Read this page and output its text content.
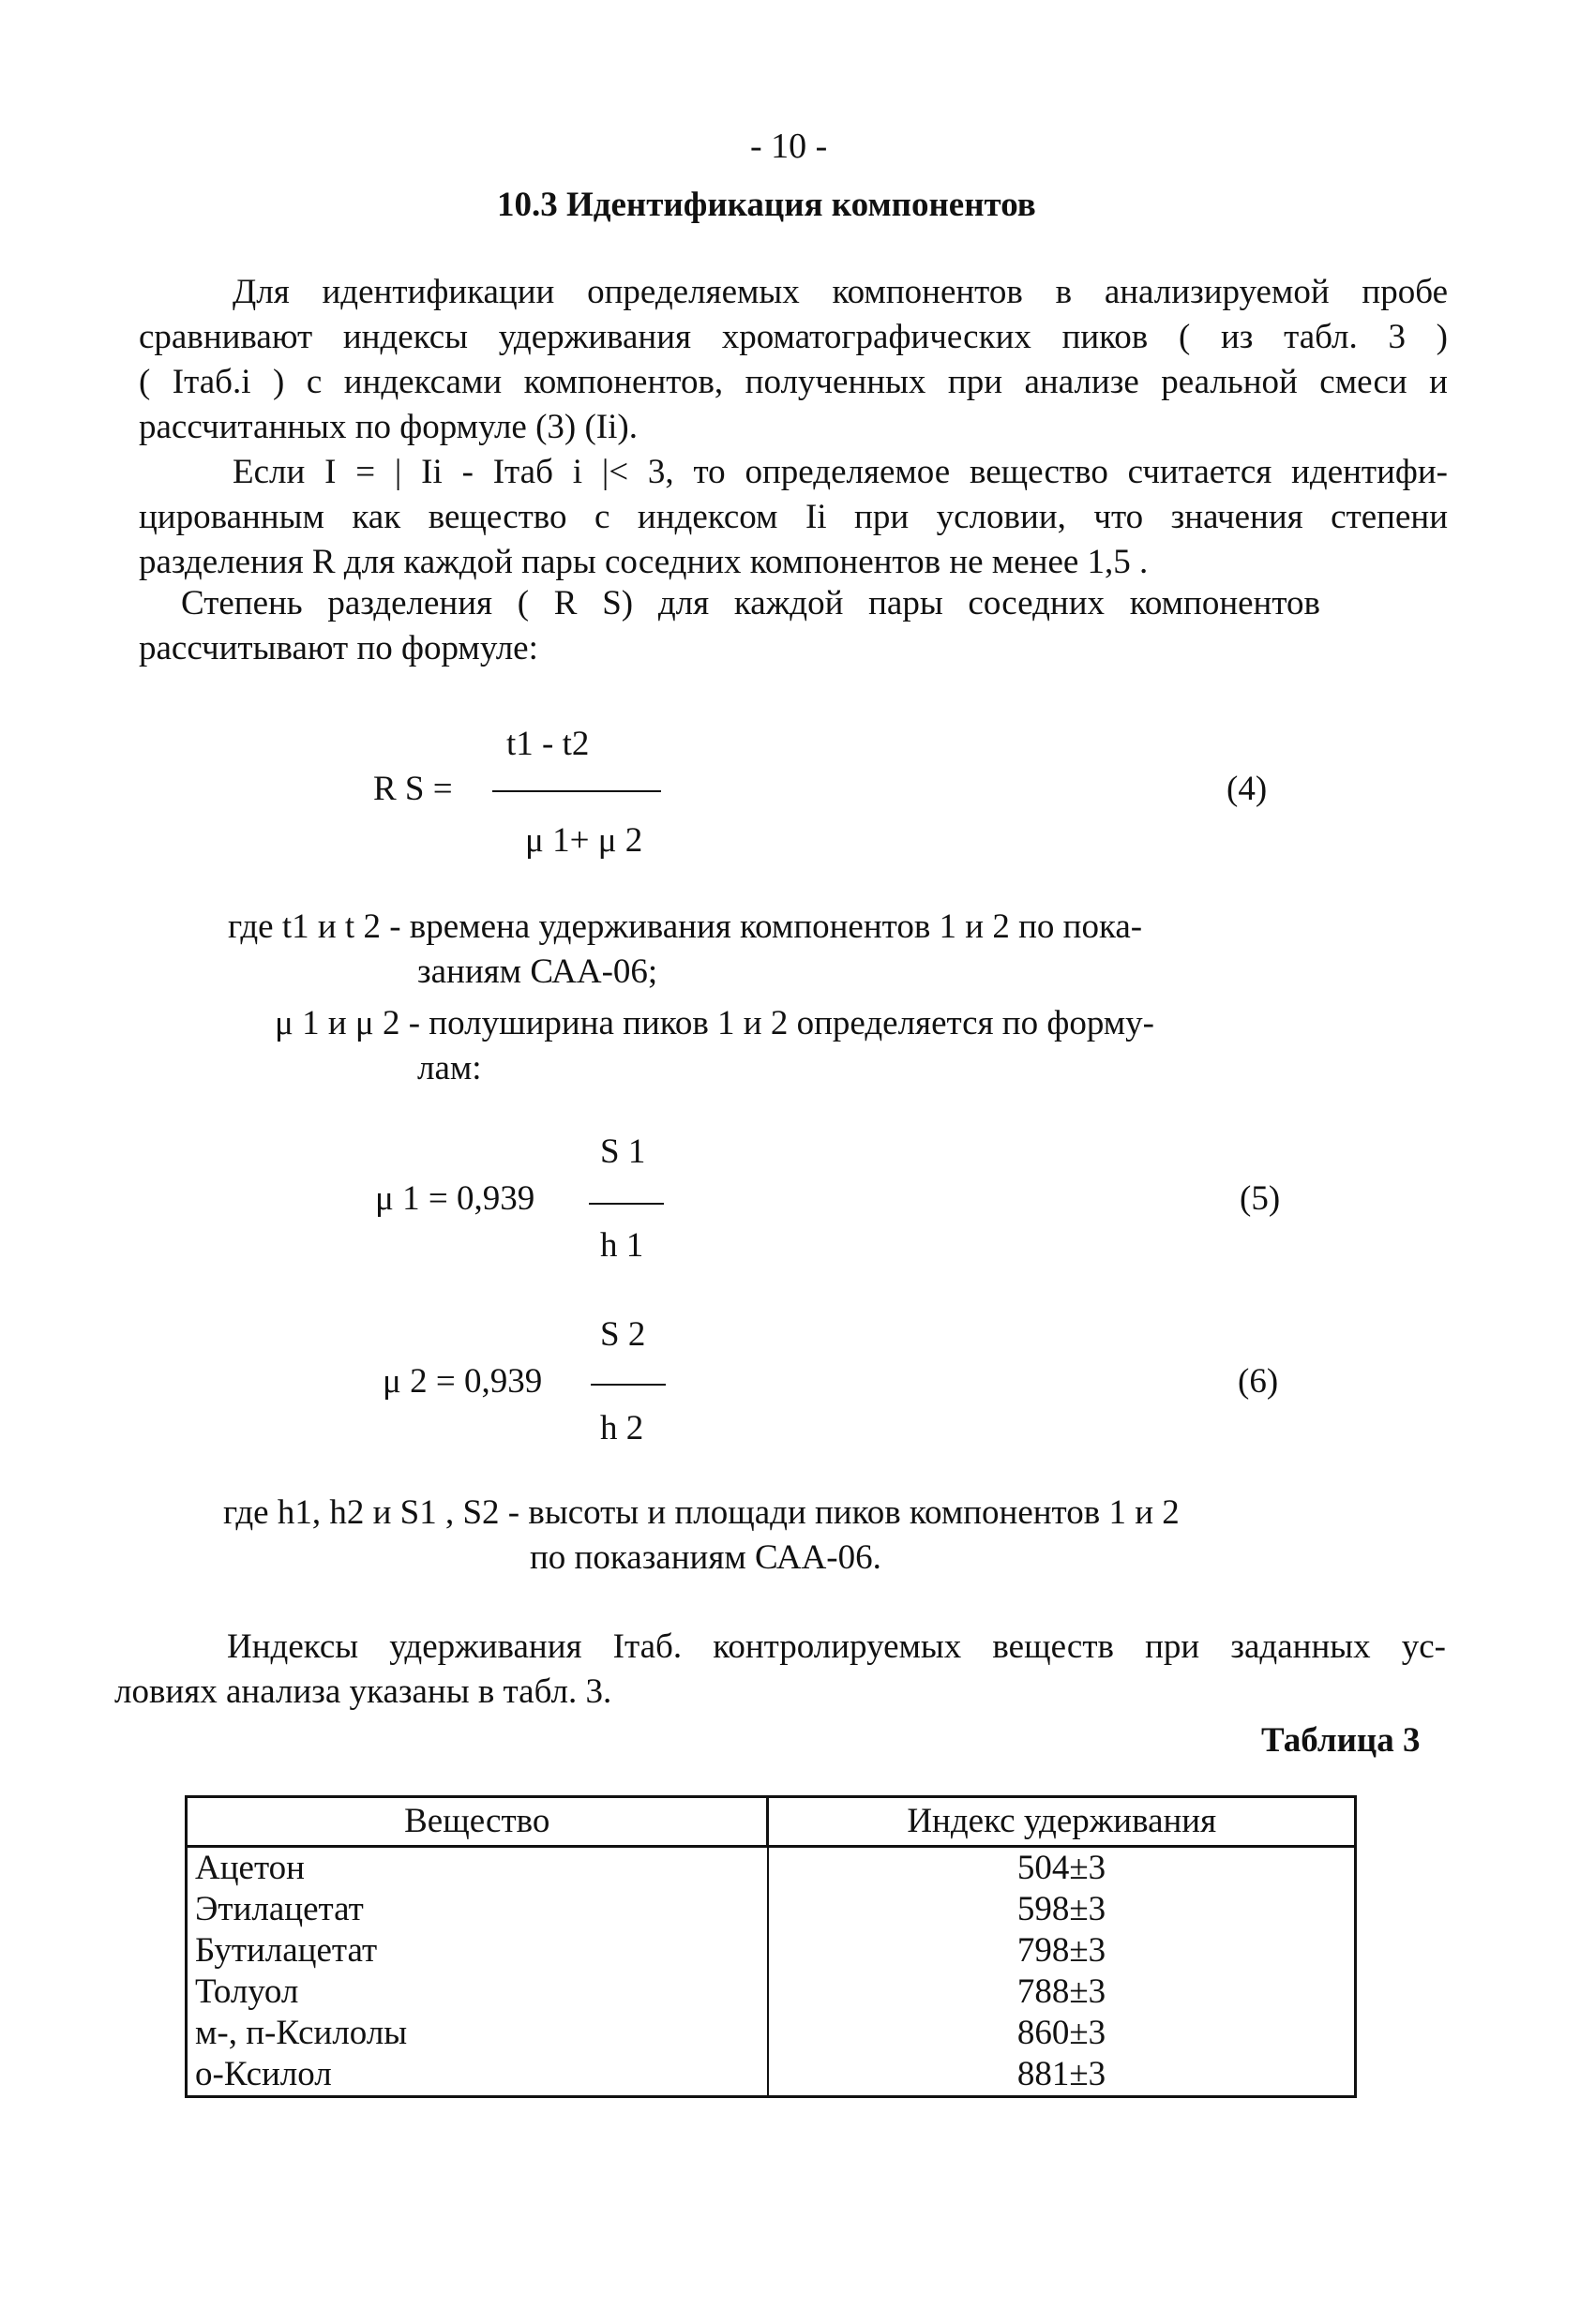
- 10 -
10.3 Идентификация компонентов
Для идентификации определяемых компонентов в анализируемой пробе
сравнивают индексы удерживания хроматографических пиков ( из табл. 3 )
( Iтаб.i ) с индексами компонентов, полученных при анализе реальной смеси и
рассчитанных по формуле (3) (Ii).
Если I = | Ii - Iтаб i |< 3, то определяемое вещество считается идентифи-
цированным как вещество с индексом Ii при условии, что значения степени
разделения R для каждой пары соседних компонентов не менее 1,5 .
Степень разделения ( R S) для каждой пары соседних компонентов
рассчитывают по формуле:
t1 - t2
R S =
μ 1+ μ 2
(4)
где t1 и t 2 - времена удерживания компонентов 1 и 2 по пока-
заниям САА-06;
μ 1 и μ 2 - полуширина пиков 1 и 2 определяется по форму-
лам:
S 1
μ 1 = 0,939
h 1
(5)
S 2
μ 2 = 0,939
h 2
(6)
где h1, h2 и S1 , S2 - высоты и площади пиков компонентов 1 и 2
по показаниям САА-06.
Индексы удерживания Iтаб. контролируемых веществ при заданных ус-
ловиях анализа указаны в табл. 3.
Таблица 3
Вещество	Индекс удерживания
Ацетон	504±3
Этилацетат	598±3
Бутилацетат	798±3
Толуол	788±3
м-, п-Ксилолы	860±3
о-Ксилол	881±3
